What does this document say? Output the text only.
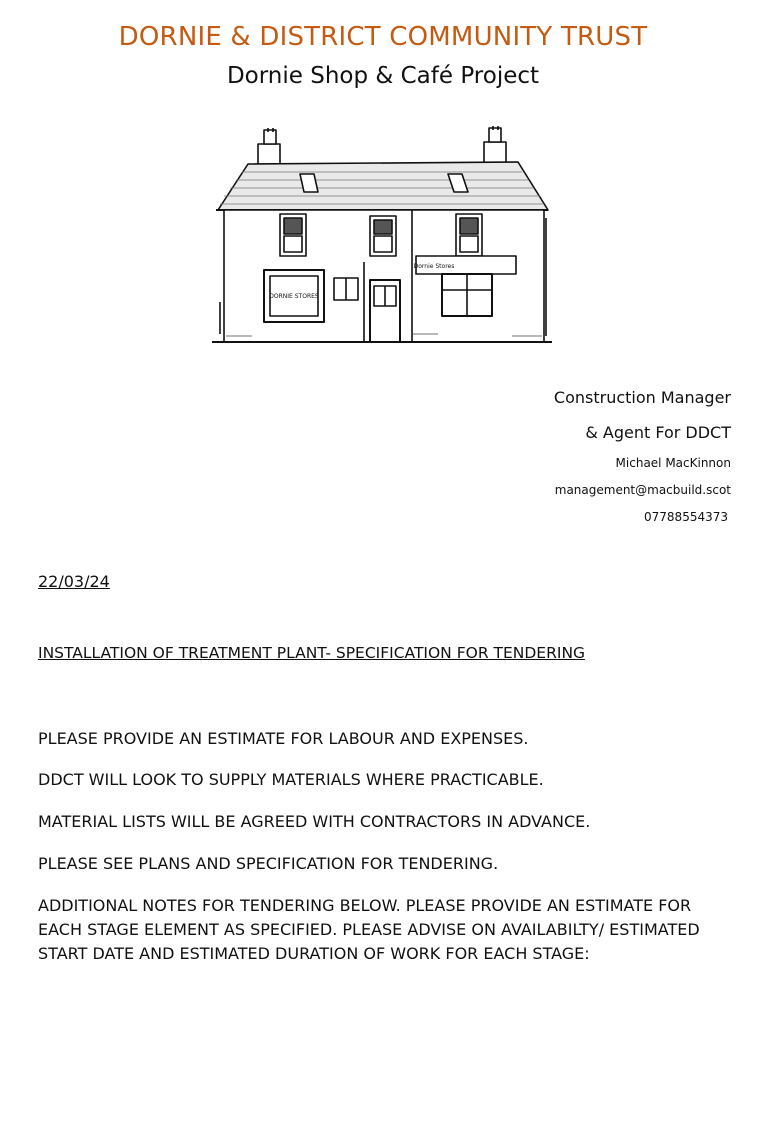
DORNIE & DISTRICT COMMUNITY TRUST
Dornie Shop & Café Project
DORNIE STORES
Dornie Stores
Construction Manager
& Agent For DDCT
Michael MacKinnon
management@macbuild.scot
07788554373
22/03/24
INSTALLATION OF TREATMENT PLANT- SPECIFICATION FOR TENDERING
PLEASE PROVIDE AN ESTIMATE FOR LABOUR AND EXPENSES.
DDCT WILL LOOK TO SUPPLY MATERIALS WHERE PRACTICABLE.
MATERIAL LISTS WILL BE AGREED WITH CONTRACTORS IN ADVANCE.
PLEASE SEE PLANS AND SPECIFICATION FOR TENDERING.
ADDITIONAL NOTES FOR TENDERING BELOW. PLEASE PROVIDE AN ESTIMATE FOR EACH STAGE ELEMENT AS SPECIFIED. PLEASE ADVISE ON AVAILABILTY/ ESTIMATED START DATE AND ESTIMATED DURATION OF WORK FOR EACH STAGE:
